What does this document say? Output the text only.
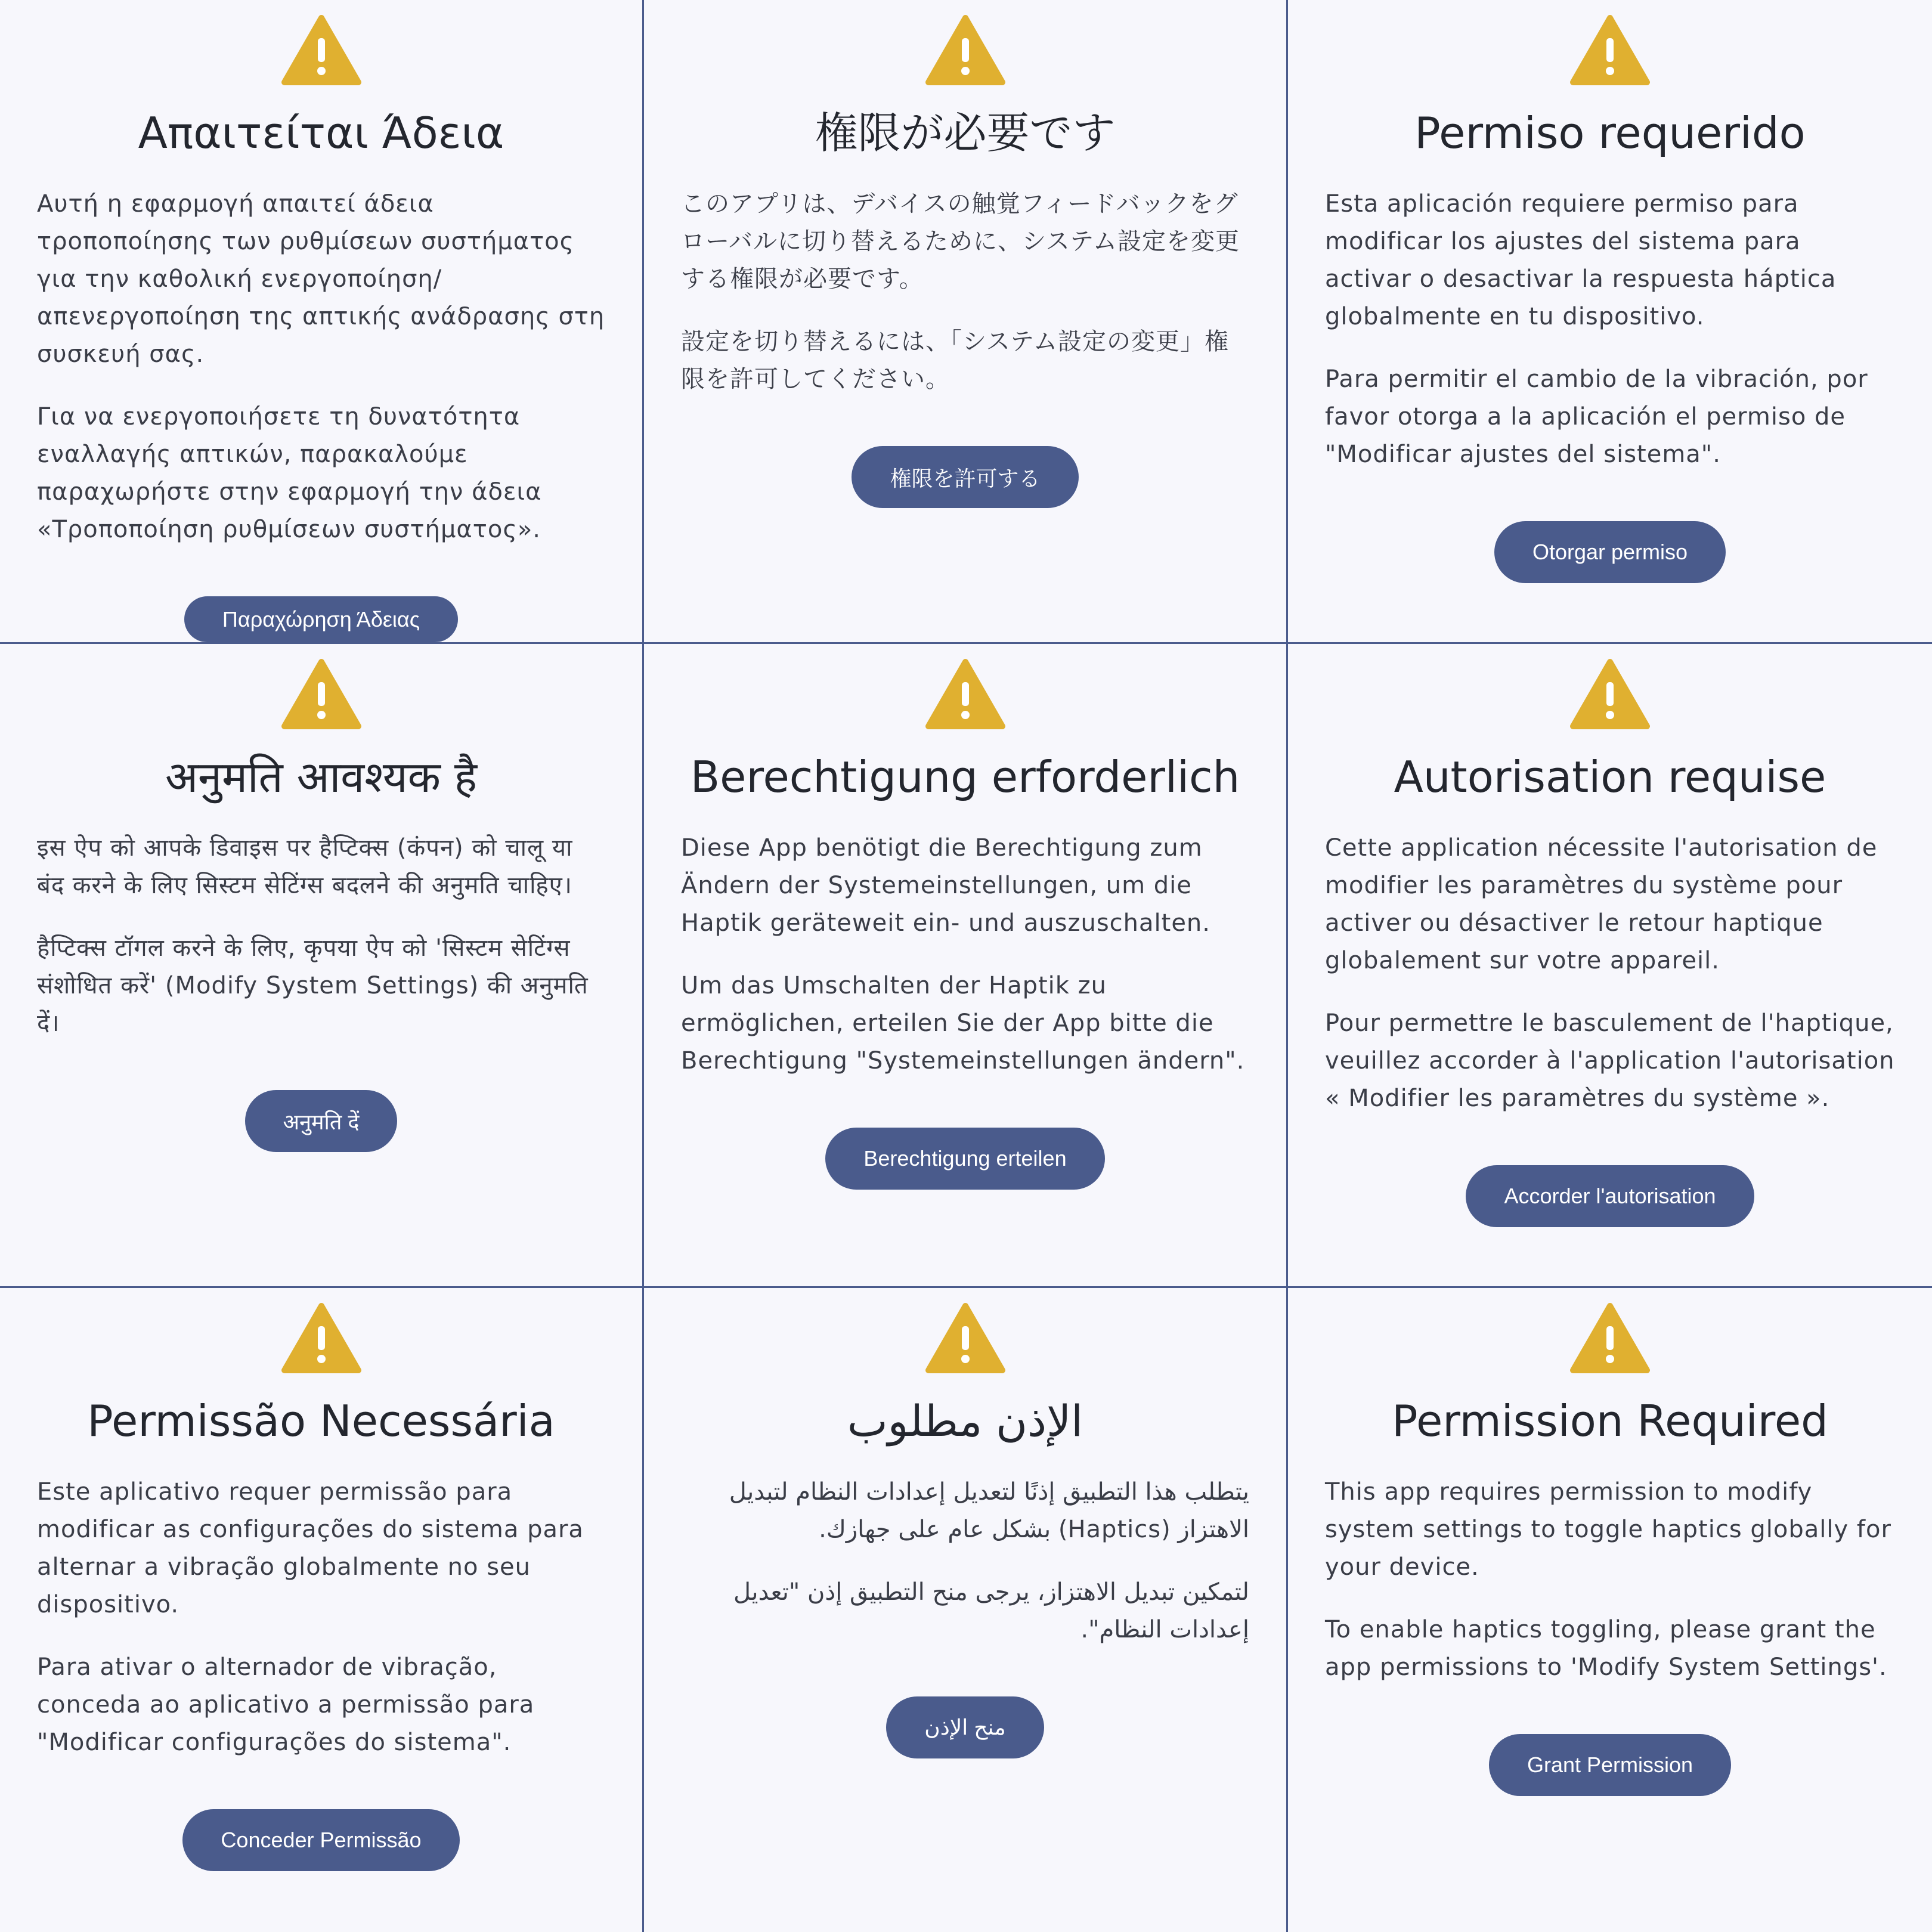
Απαιτείται Άδεια

Αυτή η εφαρμογή απαιτεί άδεια τροποποίησης των ρυθμίσεων συστήματος για την καθολική ενεργοποίηση/απενεργοποίηση της απτικής ανάδρασης στη συσκευή σας.

Για να ενεργοποιήσετε τη δυνατότητα εναλλαγής απτικών, παρακαλούμε παραχωρήστε στην εφαρμογή την άδεια «Τροποποίηση ρυθμίσεων συστήματος».

Παραχώρηση Άδειας
権限が必要です

このアプリは、デバイスの触覚フィードバックをグローバルに切り替えるために、システム設定を変更する権限が必要です。

設定を切り替えるには、「システム設定の変更」権限を許可してください。

権限を許可する
Permiso requerido

Esta aplicación requiere permiso para modificar los ajustes del sistema para activar o desactivar la respuesta háptica globalmente en tu dispositivo.

Para permitir el cambio de la vibración, por favor otorga a la aplicación el permiso de "Modificar ajustes del sistema".

Otorgar permiso
अनुमति आवश्यक है

इस ऐप को आपके डिवाइस पर हैप्टिक्स (कंपन) को चालू या बंद करने के लिए सिस्टम सेटिंग्स बदलने की अनुमति चाहिए।

हैप्टिक्स टॉगल करने के लिए, कृपया ऐप को 'सिस्टम सेटिंग्स संशोधित करें' (Modify System Settings) की अनुमति दें।

अनुमति दें
Berechtigung erforderlich

Diese App benötigt die Berechtigung zum Ändern der Systemeinstellungen, um die Haptik geräteweit ein- und auszuschalten.

Um das Umschalten der Haptik zu ermöglichen, erteilen Sie der App bitte die Berechtigung "Systemeinstellungen ändern".

Berechtigung erteilen
Autorisation requise

Cette application nécessite l'autorisation de modifier les paramètres du système pour activer ou désactiver le retour haptique globalement sur votre appareil.

Pour permettre le basculement de l'haptique, veuillez accorder à l'application l'autorisation « Modifier les paramètres du système ».

Accorder l'autorisation
Permissão Necessária

Este aplicativo requer permissão para modificar as configurações do sistema para alternar a vibração globalmente no seu dispositivo.

Para ativar o alternador de vibração, conceda ao aplicativo a permissão para "Modificar configurações do sistema".

Conceder Permissão
الإذن مطلوب

يتطلب هذا التطبيق إذنًا لتعديل إعدادات النظام لتبديل الاهتزاز (Haptics) بشكل عام على جهازك.

لتمكين تبديل الاهتزاز، يرجى منح التطبيق إذن "تعديل إعدادات النظام".

منح الإذن
Permission Required

This app requires permission to modify system settings to toggle haptics globally for your device.

To enable haptics toggling, please grant the app permissions to 'Modify System Settings'.

Grant Permission
